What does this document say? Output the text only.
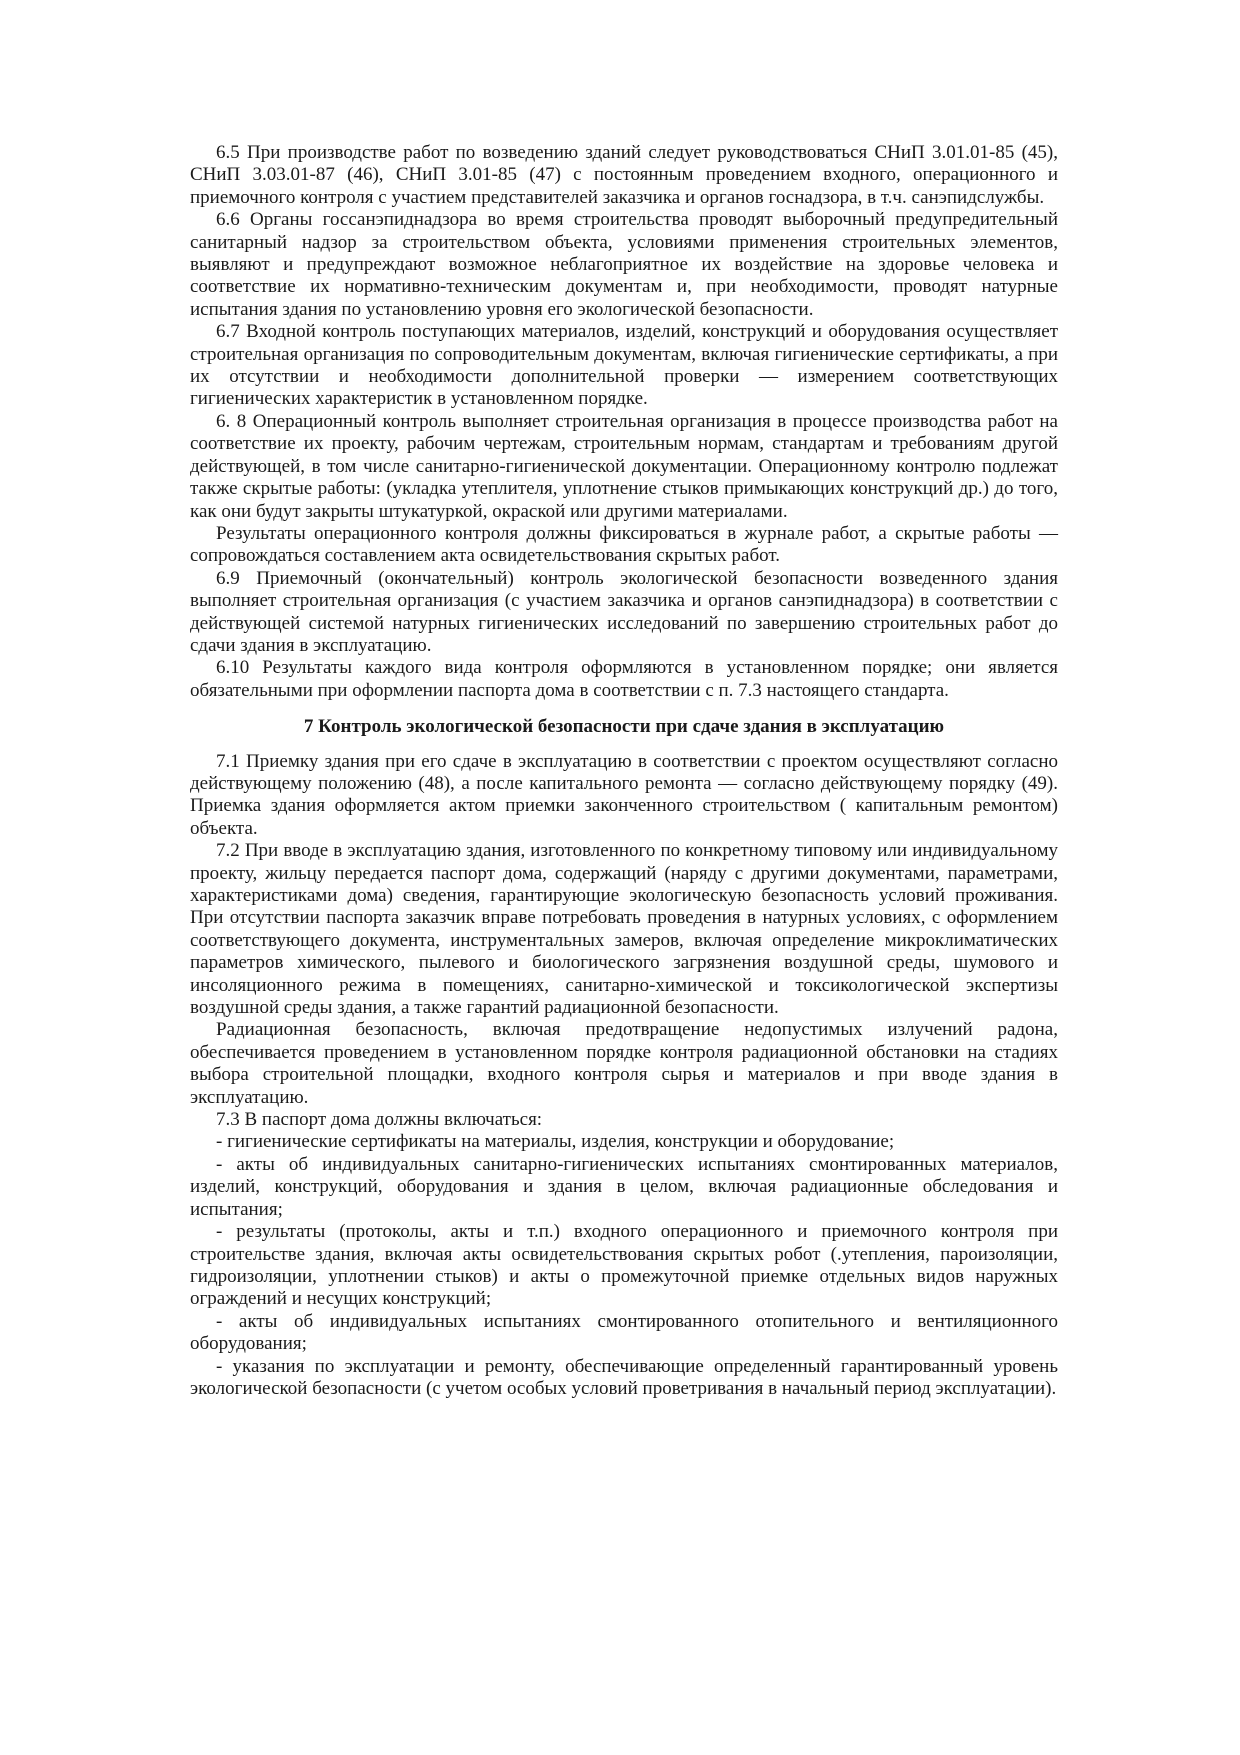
6.5 При производстве работ по возведению зданий следует руководствоваться СНиП 3.01.01-85 (45), СНиП 3.03.01-87 (46), СНиП 3.01-85 (47) с постоянным проведением входного, операционного и приемочного контроля с участием представителей заказчика и органов госнадзора, в т.ч. санэпидслужбы.

6.6 Органы госсанэпиднадзора во время строительства проводят выборочный предупредительный санитарный надзор за строительством объекта, условиями применения строительных элементов, выявляют и предупреждают возможное неблагоприятное их воздействие на здоровье человека и соответствие их нормативно-техническим документам и, при необходимости, проводят натурные испытания здания по установлению уровня его экологической безопасности.

6.7 Входной контроль поступающих материалов, изделий, конструкций и оборудования осуществляет строительная организация по сопроводительным документам, включая гигиенические сертификаты, а при их отсутствии и необходимости дополнительной проверки — измерением соответствующих гигиенических характеристик в установленном порядке.

6. 8 Операционный контроль выполняет строительная организация в процессе производства работ на соответствие их проекту, рабочим чертежам, строительным нормам, стандартам и требованиям другой действующей, в том числе санитарно-гигиенической документации. Операционному контролю подлежат также скрытые работы: (укладка утеплителя, уплотнение стыков примыкающих конструкций др.) до того, как они будут закрыты штукатуркой, окраской или другими материалами.

Результаты операционного контроля должны фиксироваться в журнале работ, а скрытые работы — сопровождаться составлением акта освидетельствования скрытых работ.

6.9 Приемочный (окончательный) контроль экологической безопасности возведенного здания выполняет строительная организация (с участием заказчика и органов санэпиднадзора) в соответствии с действующей системой натурных гигиенических исследований по завершению строительных работ до сдачи здания в эксплуатацию.

6.10 Результаты каждого вида контроля оформляются в установленном порядке; они является обязательными при оформлении паспорта дома в соответствии с п. 7.3 настоящего стандарта.

7 Контроль экологической безопасности при сдаче здания в эксплуатацию

7.1 Приемку здания при его сдаче в эксплуатацию в соответствии с проектом осуществляют согласно действующему положению (48), а после капитального ремонта — согласно действующему порядку (49). Приемка здания оформляется актом приемки законченного строительством ( капитальным ремонтом) объекта.

7.2 При вводе в эксплуатацию здания, изготовленного по конкретному типовому или индивидуальному проекту, жильцу передается паспорт дома, содержащий (наряду с другими документами, параметрами, характеристиками дома) сведения, гарантирующие экологическую безопасность условий проживания. При отсутствии паспорта заказчик вправе потребовать проведения в натурных условиях, с оформлением соответствующего документа, инструментальных замеров, включая определение микроклиматических параметров химического, пылевого и биологического загрязнения воздушной среды, шумового и инсоляционного режима в помещениях, санитарно-химической и токсикологической экспертизы воздушной среды здания, а также гарантий радиационной безопасности.

Радиационная безопасность, включая предотвращение недопустимых излучений радона, обеспечивается проведением в установленном порядке контроля радиационной обстановки на стадиях выбора строительной площадки, входного контроля сырья и материалов и при вводе здания в эксплуатацию.

7.3 В паспорт дома должны включаться:

- гигиенические сертификаты на материалы, изделия, конструкции и оборудование;

- акты об индивидуальных санитарно-гигиенических испытаниях смонтированных материалов, изделий, конструкций, оборудования и здания в целом, включая радиационные обследования и испытания;

- результаты (протоколы, акты и т.п.) входного операционного и приемочного контроля при строительстве здания, включая акты освидетельствования скрытых робот (.утепления, пароизоляции, гидроизоляции, уплотнении стыков) и акты о промежуточной приемке отдельных видов наружных ограждений и несущих конструкций;

- акты об индивидуальных испытаниях смонтированного отопительного и вентиляционного оборудования;

- указания по эксплуатации и ремонту, обеспечивающие определенный гарантированный уровень экологической безопасности (с учетом особых условий проветривания в начальный период эксплуатации).
